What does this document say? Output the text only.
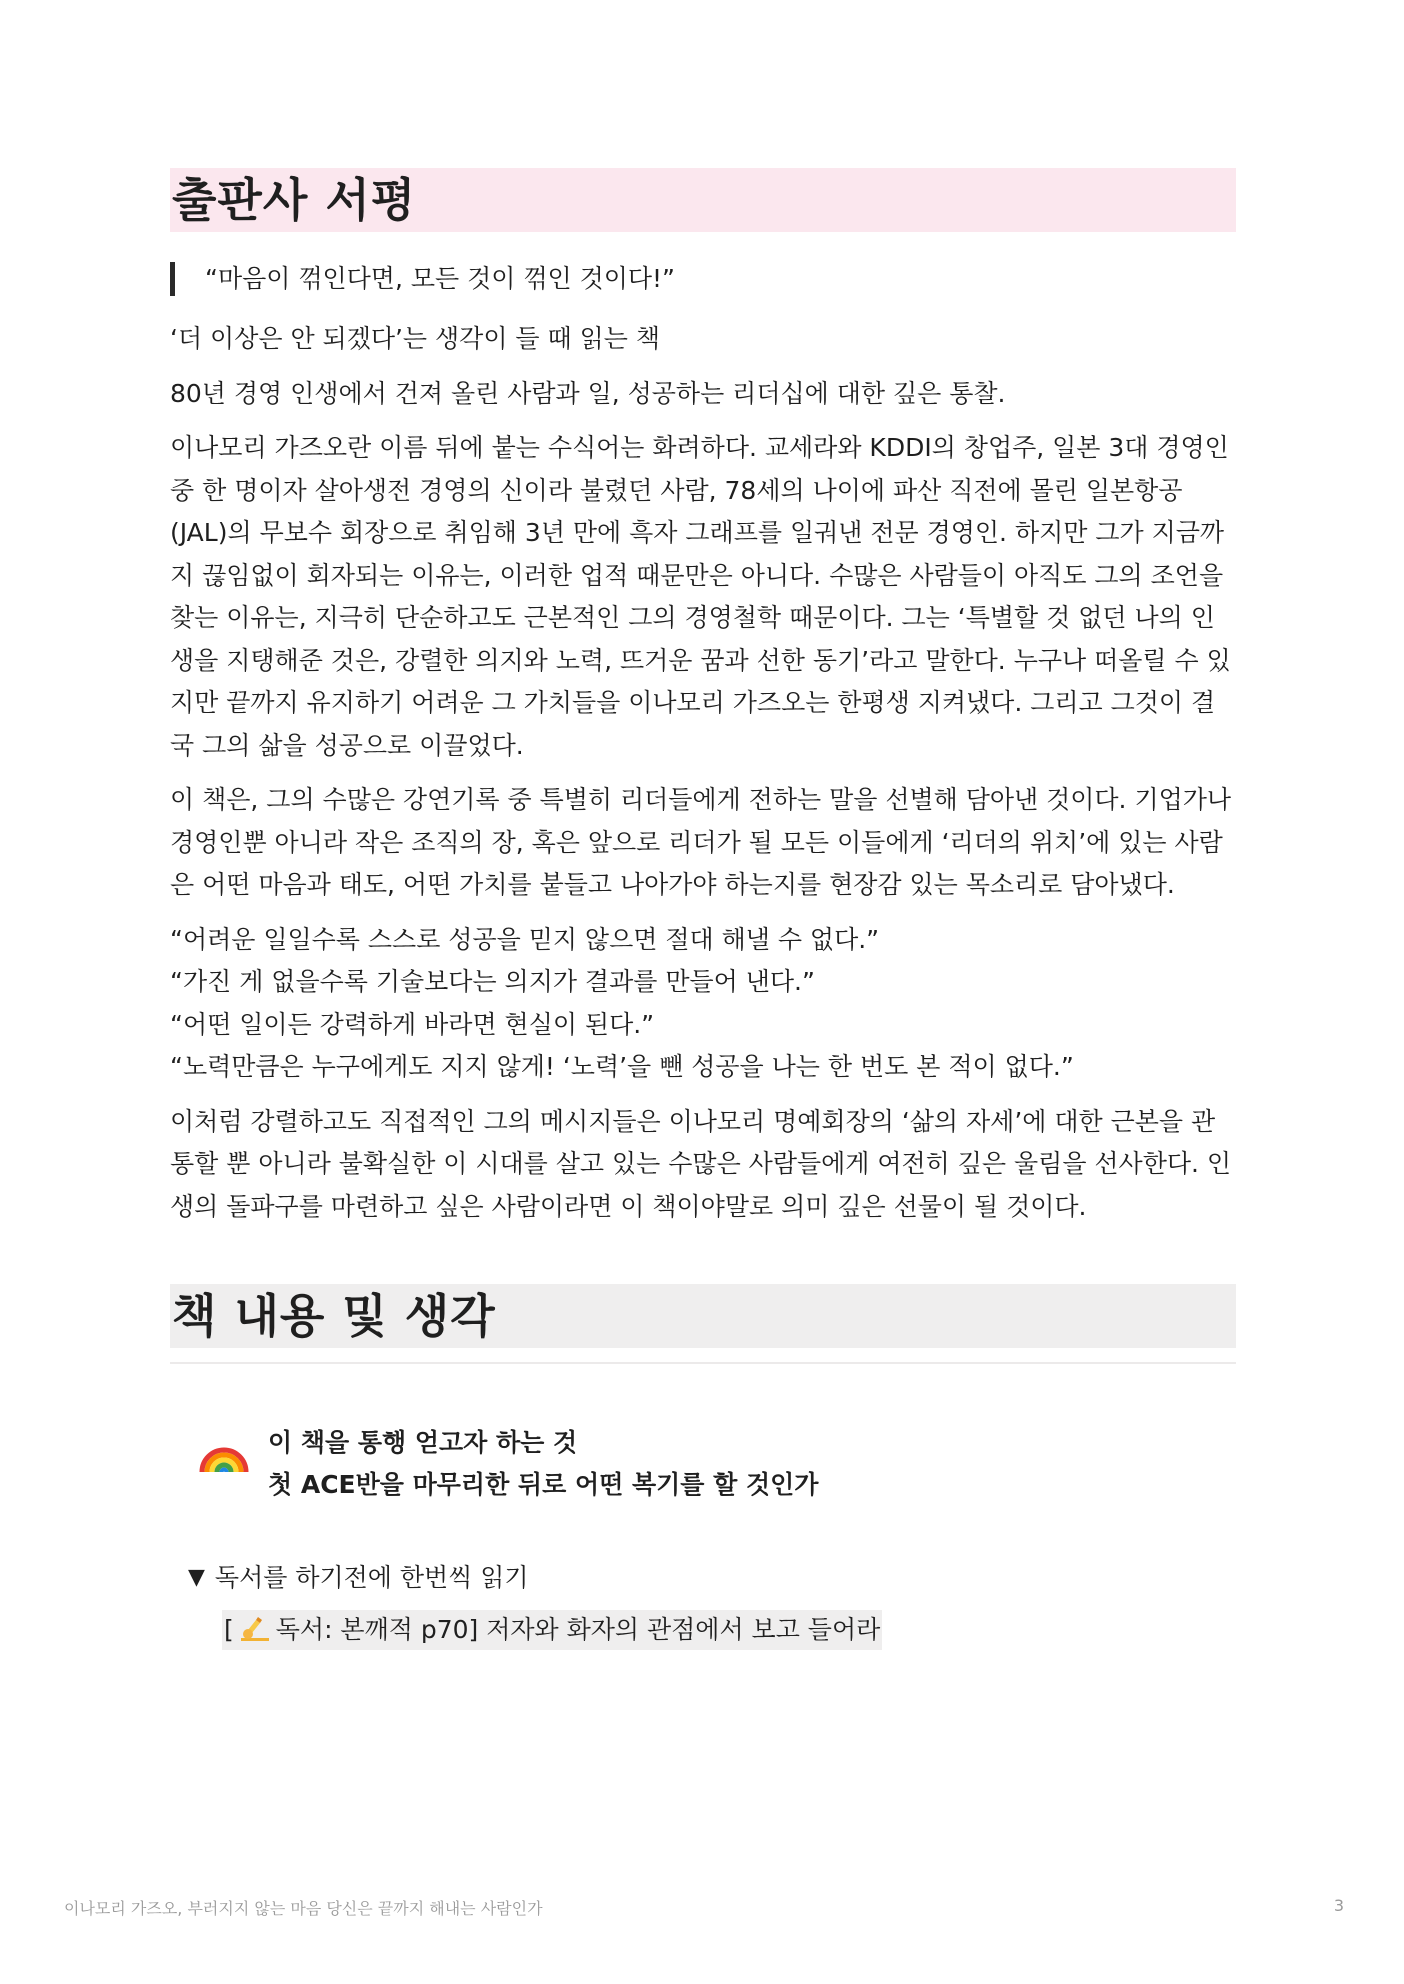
출판사 서평
“마음이 꺾인다면, 모든 것이 꺾인 것이다!”

‘더 이상은 안 되겠다’는 생각이 들 때 읽는 책

80년 경영 인생에서 건져 올린 사람과 일, 성공하는 리더십에 대한 깊은 통찰.

이나모리 가즈오란 이름 뒤에 붙는 수식어는 화려하다. 교세라와 KDDI의 창업주, 일본 3대 경영인 중 한 명이자 살아생전 경영의 신이라 불렸던 사람, 78세의 나이에 파산 직전에 몰린 일본항공(JAL)의 무보수 회장으로 취임해 3년 만에 흑자 그래프를 일궈낸 전문 경영인. 하지만 그가 지금까지 끊임없이 회자되는 이유는, 이러한 업적 때문만은 아니다. 수많은 사람들이 아직도 그의 조언을 찾는 이유는, 지극히 단순하고도 근본적인 그의 경영철학 때문이다. 그는 ‘특별할 것 없던 나의 인생을 지탱해준 것은, 강렬한 의지와 노력, 뜨거운 꿈과 선한 동기’라고 말한다. 누구나 떠올릴 수 있지만 끝까지 유지하기 어려운 그 가치들을 이나모리 가즈오는 한평생 지켜냈다. 그리고 그것이 결국 그의 삶을 성공으로 이끌었다.

이 책은, 그의 수많은 강연기록 중 특별히 리더들에게 전하는 말을 선별해 담아낸 것이다. 기업가나 경영인뿐 아니라 작은 조직의 장, 혹은 앞으로 리더가 될 모든 이들에게 ‘리더의 위치’에 있는 사람은 어떤 마음과 태도, 어떤 가치를 붙들고 나아가야 하는지를 현장감 있는 목소리로 담아냈다.

“어려운 일일수록 스스로 성공을 믿지 않으면 절대 해낼 수 없다.”
“가진 게 없을수록 기술보다는 의지가 결과를 만들어 낸다.”
“어떤 일이든 강력하게 바라면 현실이 된다.”
“노력만큼은 누구에게도 지지 않게! ‘노력’을 뺀 성공을 나는 한 번도 본 적이 없다.”

이처럼 강렬하고도 직접적인 그의 메시지들은 이나모리 명예회장의 ‘삶의 자세’에 대한 근본을 관통할 뿐 아니라 불확실한 이 시대를 살고 있는 수많은 사람들에게 여전히 깊은 울림을 선사한다. 인생의 돌파구를 마련하고 싶은 사람이라면 이 책이야말로 의미 깊은 선물이 될 것이다.

책 내용 및 생각
이 책을 통행 얻고자 하는 것
첫 ACE반을 마무리한 뒤로 어떤 복기를 할 것인가
▼ 독서를 하기전에 한번씩 읽기
[ 독서: 본깨적 p70] 저자와 화자의 관점에서 보고 들어라
이나모리 가즈오, 부러지지 않는 마음 당신은 끝까지 해내는 사람인가	3
